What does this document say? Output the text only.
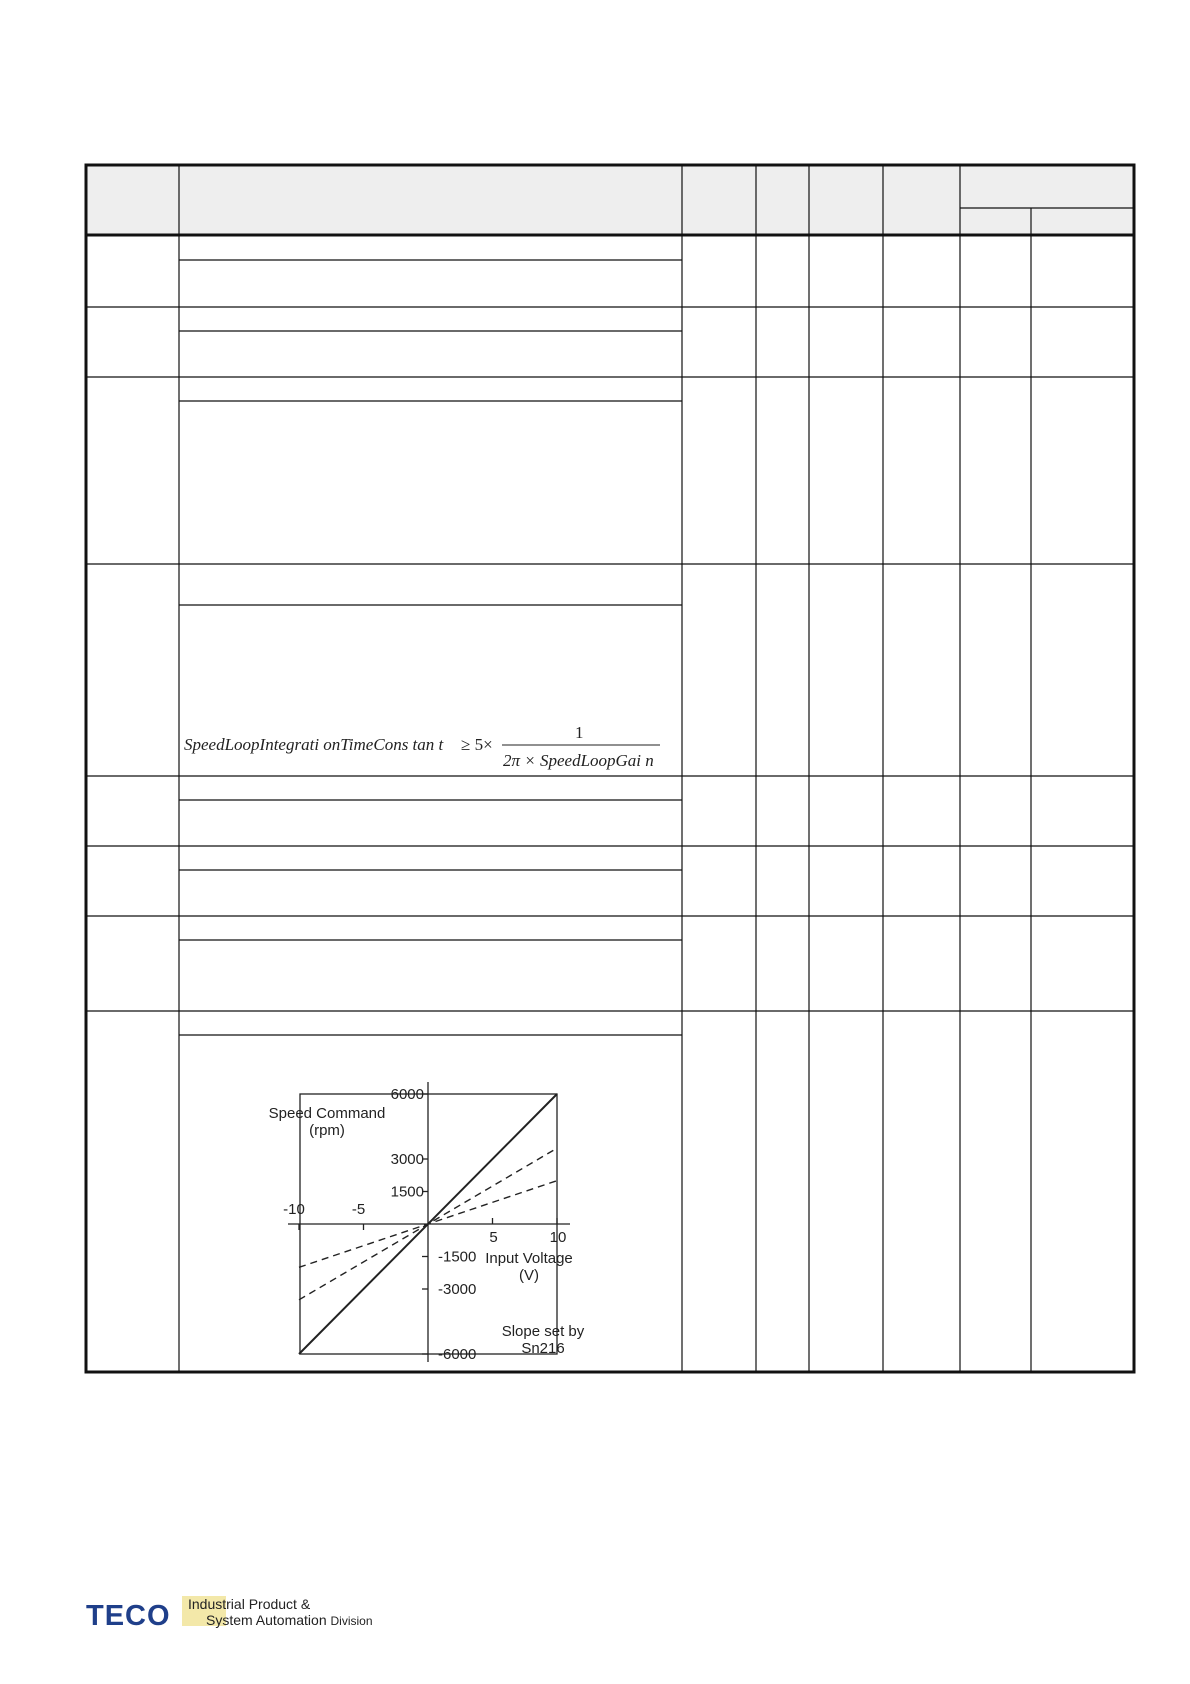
SpeedLoopIntegrati onTimeCons tan t ≥ 5×
1
2π × SpeedLoopGai n
6000
3000
1500
-1500
-3000
-6000
-10	-5
5	10
Speed Command
(rpm)
Input Voltage
(V)
Slope set by
Sn216
TECO Industrial Product &
System Automation Division
